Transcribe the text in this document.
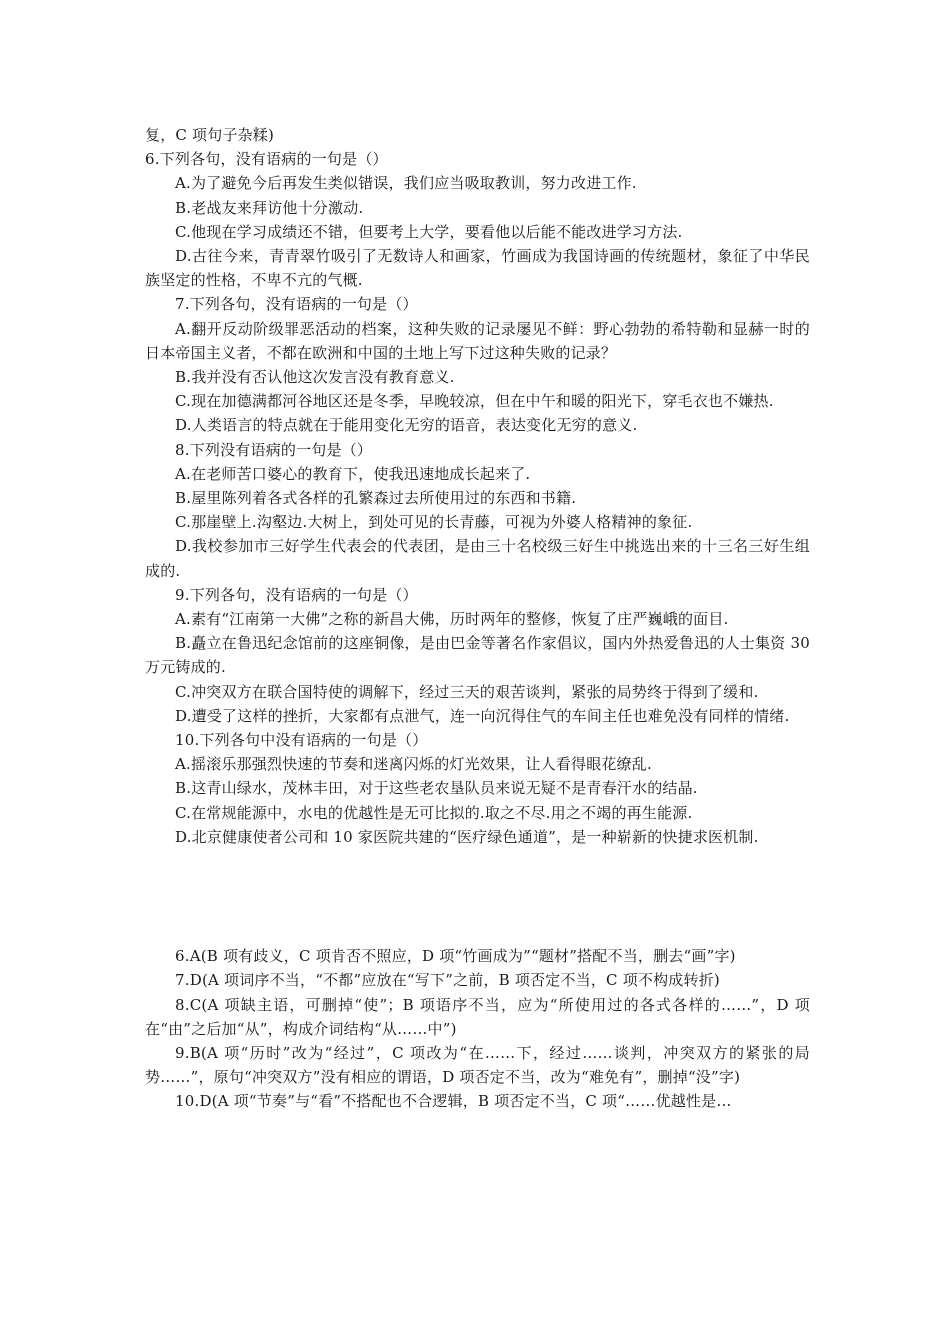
复，C 项句子杂糅)

6.下列各句，没有语病的一句是（）

A.为了避免今后再发生类似错误，我们应当吸取教训，努力改进工作.

B.老战友来拜访他十分激动.

C.他现在学习成绩还不错，但要考上大学，要看他以后能不能改进学习方法.

D.古往今来，青青翠竹吸引了无数诗人和画家，竹画成为我国诗画的传统题材，象征了中华民族坚定的性格，不卑不亢的气概.

7.下列各句，没有语病的一句是（）

A.翻开反动阶级罪恶活动的档案，这种失败的记录屡见不鲜：野心勃勃的希特勒和显赫一时的日本帝国主义者，不都在欧洲和中国的土地上写下过这种失败的记录？

B.我并没有否认他这次发言没有教育意义.

C.现在加德满都河谷地区还是冬季，早晚较凉，但在中午和暖的阳光下，穿毛衣也不嫌热.

D.人类语言的特点就在于能用变化无穷的语音，表达变化无穷的意义.

8.下列没有语病的一句是（）

A.在老师苦口婆心的教育下，使我迅速地成长起来了.

B.屋里陈列着各式各样的孔繁森过去所使用过的东西和书籍.

C.那崖壁上.沟壑边.大树上，到处可见的长青藤，可视为外婆人格精神的象征.

D.我校参加市三好学生代表会的代表团，是由三十名校级三好生中挑选出来的十三名三好生组成的.

9.下列各句，没有语病的一句是（）

A.素有“江南第一大佛”之称的新昌大佛，历时两年的整修，恢复了庄严巍峨的面目.

B.矗立在鲁迅纪念馆前的这座铜像，是由巴金等著名作家倡议，国内外热爱鲁迅的人士集资 30 万元铸成的.

C.冲突双方在联合国特使的调解下，经过三天的艰苦谈判，紧张的局势终于得到了缓和.

D.遭受了这样的挫折，大家都有点泄气，连一向沉得住气的车间主任也难免没有同样的情绪.

10.下列各句中没有语病的一句是（）

A.摇滚乐那强烈快速的节奏和迷离闪烁的灯光效果，让人看得眼花缭乱.

B.这青山绿水，茂林丰田，对于这些老农垦队员来说无疑不是青春汗水的结晶.

C.在常规能源中，水电的优越性是无可比拟的.取之不尽.用之不竭的再生能源.

D.北京健康使者公司和 10 家医院共建的“医疗绿色通道”，是一种崭新的快捷求医机制.

6.A(B 项有歧义，C 项肯否不照应，D 项“竹画成为”“题材”搭配不当，删去“画”字)

7.D(A 项词序不当，“不都”应放在“写下”之前，B 项否定不当，C 项不构成转折)

8.C(A 项缺主语，可删掉“使”；B 项语序不当，应为“所使用过的各式各样的……”，D 项在“由”之后加“从”，构成介词结构“从……中”)

9.B(A 项“历时”改为“经过”，C 项改为“在……下，经过……谈判，冲突双方的紧张的局势……”，原句“冲突双方”没有相应的谓语，D 项否定不当，改为“难免有”，删掉“没”字)

10.D(A 项“节奏”与“看”不搭配也不合逻辑，B 项否定不当，C 项“……优越性是…
